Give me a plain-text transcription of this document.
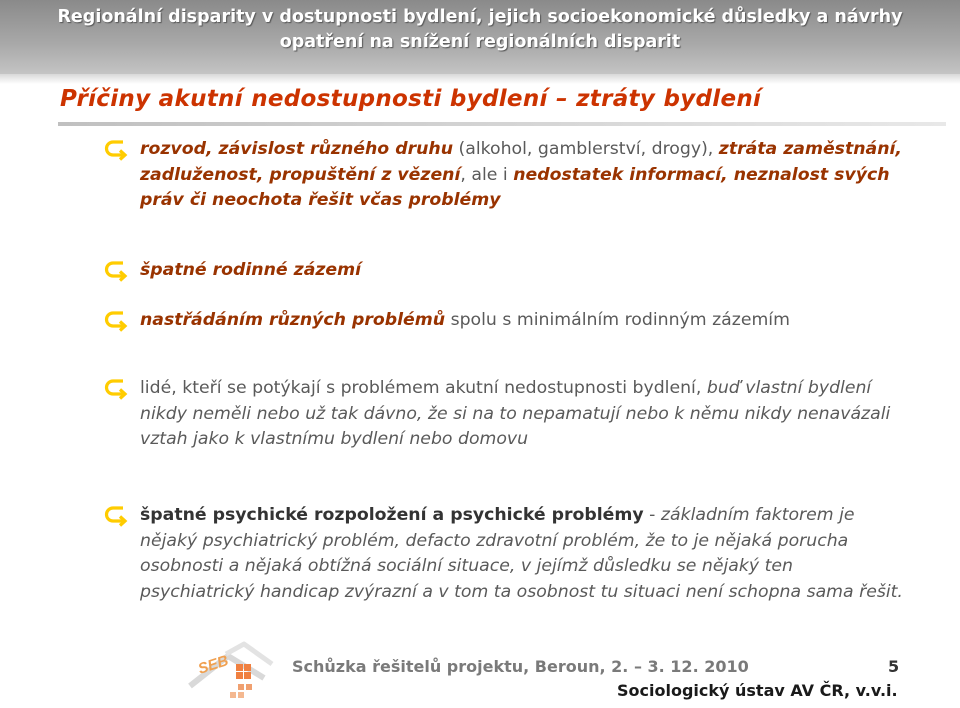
Regionální disparity v dostupnosti bydlení, jejich socioekonomické důsledky a návrhy
opatření na snížení regionálních disparit
Příčiny akutní nedostupnosti bydlení – ztráty bydlení
rozvod, závislost různého druhu (alkohol, gamblerství, drogy), ztráta zaměstnání, zadluženost, propuštění z vězení, ale i nedostatek informací, neznalost svých práv či neochota řešit včas problémy
špatné rodinné zázemí
nastřádáním různých problémů spolu s minimálním rodinným zázemím
lidé, kteří se potýkají s problémem akutní nedostupnosti bydlení, buď vlastní bydlení nikdy neměli nebo už tak dávno, že si na to nepamatují nebo k němu nikdy nenavázali vztah jako k vlastnímu bydlení nebo domovu
špatné psychické rozpoložení a psychické problémy - základním faktorem je nějaký psychiatrický problém, defacto zdravotní problém, že to je nějaká porucha osobnosti a nějaká obtížná sociální situace, v jejímž důsledku se nějaký ten psychiatrický handicap zvýrazní a v tom ta osobnost tu situaci není schopna sama řešit.
SEB	Schůzka řešitelů projektu, Beroun, 2. – 3. 12. 2010	5
Sociologický ústav AV ČR, v.v.i.
